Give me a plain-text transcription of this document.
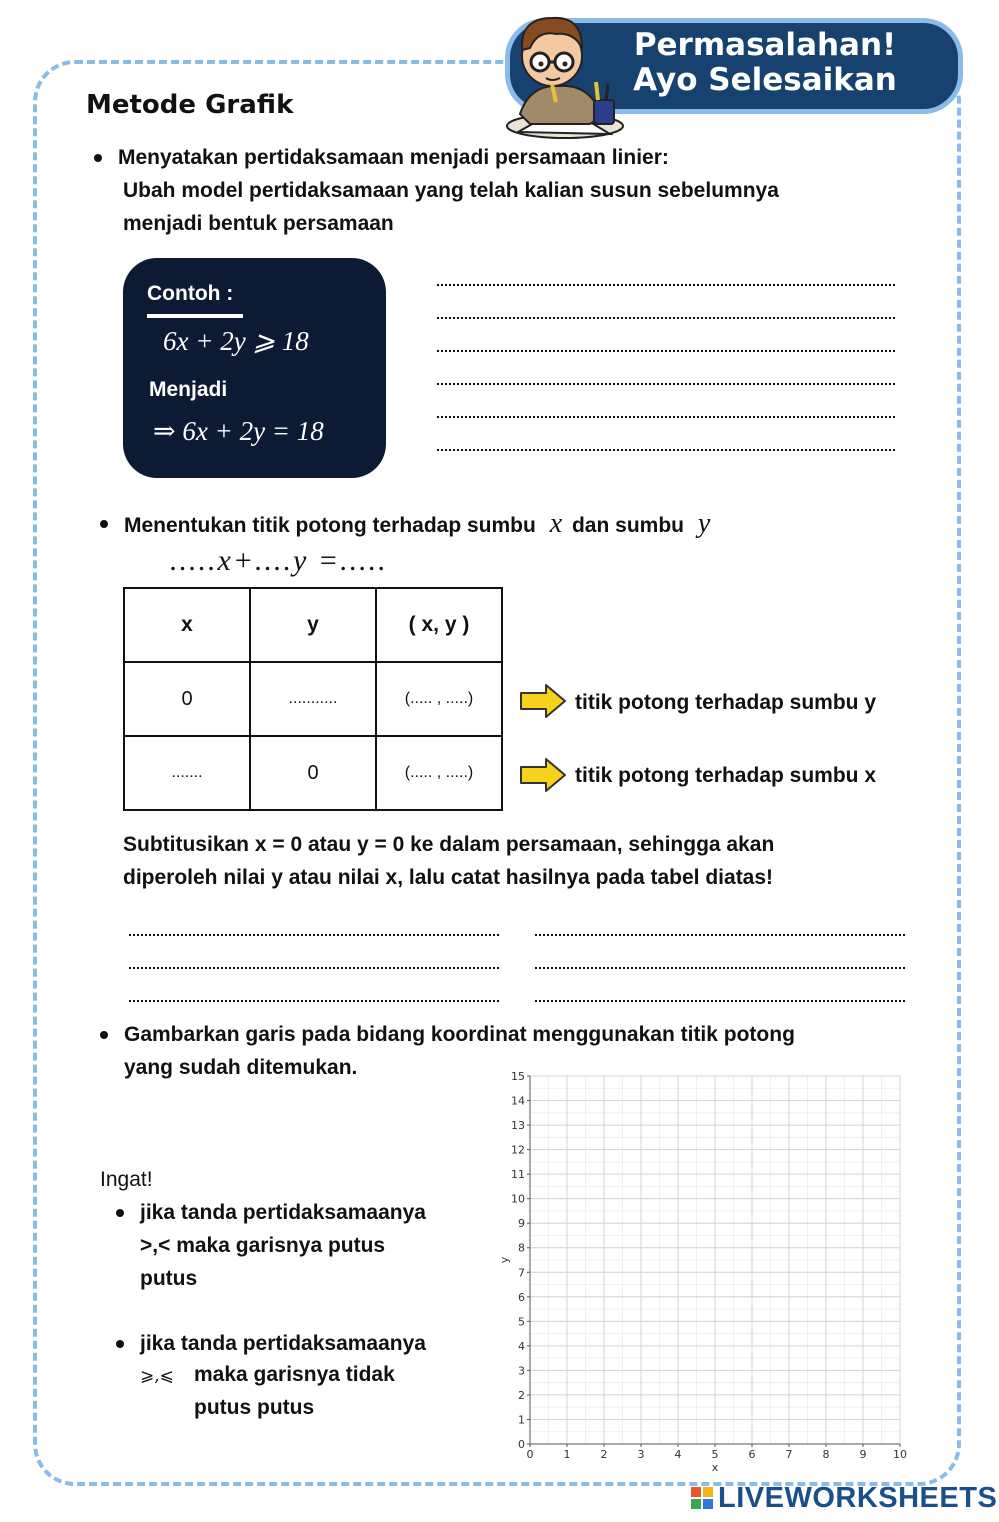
Permasalahan!
Ayo Selesaikan
Metode Grafik
Menyatakan pertidaksamaan menjadi persamaan linier:
Ubah model pertidaksamaan yang telah kalian susun sebelumnya
menjadi bentuk persamaan
Contoh :
6x + 2y ⩾ 18
Menjadi
⇒ 6x + 2y = 18
Menentukan titik potong terhadap sumbu x dan sumbu y
.....x+....y =.....
x	y	( x, y )
0	...........	(..... , .....)
.......	0	(..... , .....)
titik potong terhadap sumbu y
titik potong terhadap sumbu x
Subtitusikan x = 0 atau y = 0 ke dalam persamaan, sehingga akan
diperoleh nilai y atau nilai x, lalu catat hasilnya pada tabel diatas!
Gambarkan garis pada bidang koordinat menggunakan titik potong
yang sudah ditemukan.
Ingat!
jika tanda pertidaksamaanya
>,< maka garisnya putus
putus
jika tanda pertidaksamaanya
⩾,⩽ maka garisnya tidak
putus putus
0	1	2	3	4	5	6	7	8	9 10
0
1
2
3
4
5
6
7
8
9
10
11
12
13
14
15
x
y
LIVEWORKSHEETS
